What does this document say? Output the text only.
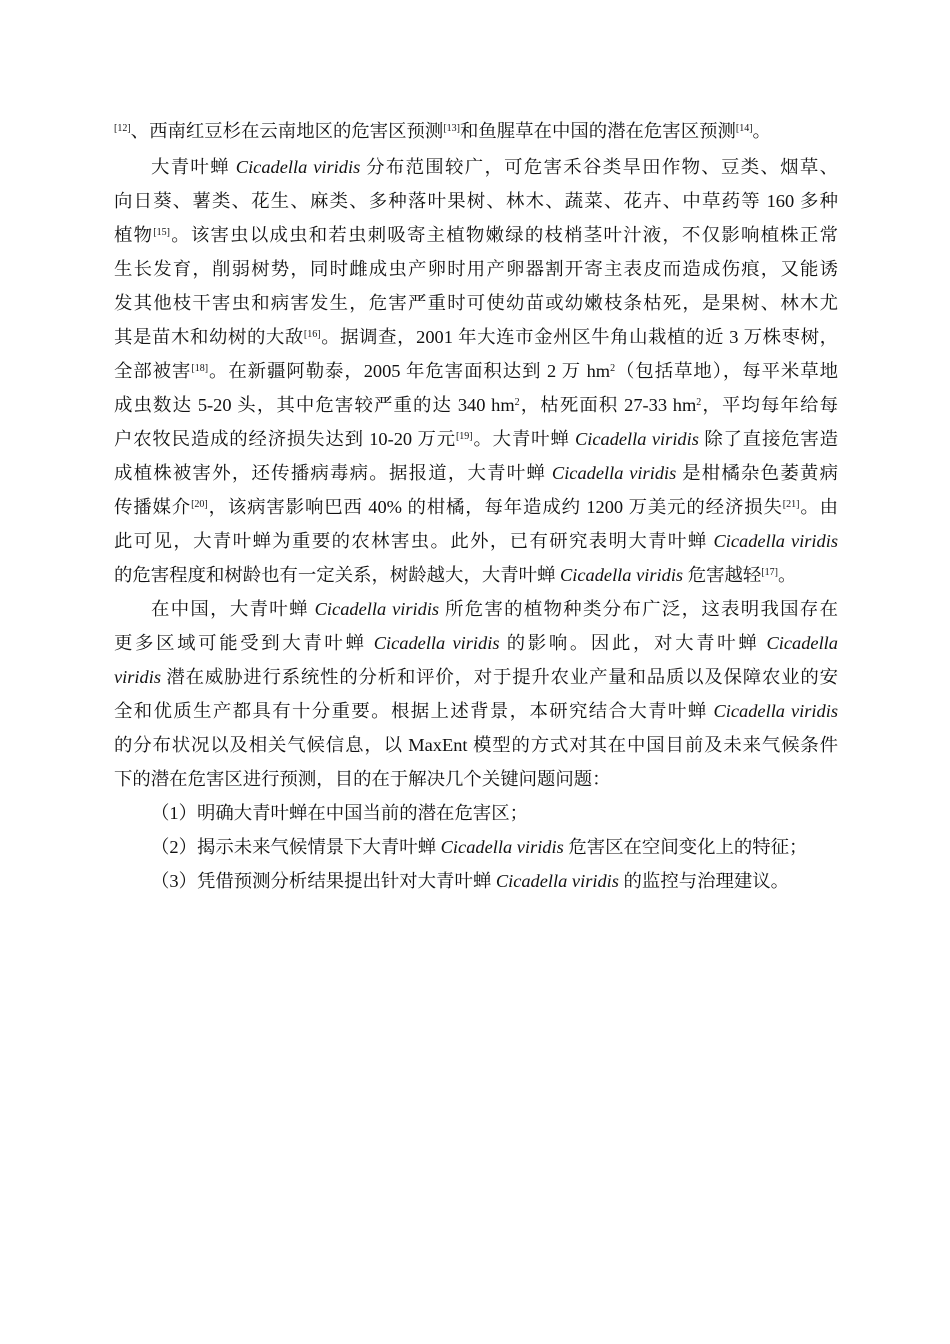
[12]、西南红豆杉在云南地区的危害区预测[13]和鱼腥草在中国的潜在危害区预测[14]。

大青叶蝉 Cicadella viridis 分布范围较广，可危害禾谷类旱田作物、豆类、烟草、

向日葵、薯类、花生、麻类、多种落叶果树、林木、蔬菜、花卉、中草药等 160 多种

植物[15]。该害虫以成虫和若虫刺吸寄主植物嫩绿的枝梢茎叶汁液，不仅影响植株正常

生长发育，削弱树势，同时雌成虫产卵时用产卵器割开寄主表皮而造成伤痕，又能诱

发其他枝干害虫和病害发生，危害严重时可使幼苗或幼嫩枝条枯死，是果树、林木尤

其是苗木和幼树的大敌[16]。据调查，2001 年大连市金州区牛角山栽植的近 3 万株枣树，

全部被害[18]。在新疆阿勒泰，2005 年危害面积达到 2 万 $hm^2$（包括草地），每平米草地

成虫数达 5-20 头，其中危害较严重的达 340 $hm^2$，枯死面积 27-33 $hm^2$，平均每年给每

户农牧民造成的经济损失达到 10-20 万元[19]。大青叶蝉 Cicadella viridis 除了直接危害造

成植株被害外，还传播病毒病。据报道，大青叶蝉 Cicadella viridis 是柑橘杂色萎黄病

传播媒介[20]，该病害影响巴西 40% 的柑橘，每年造成约 1200 万美元的经济损失[21]。由

此可见，大青叶蝉为重要的农林害虫。此外，已有研究表明大青叶蝉 Cicadella viridis

的危害程度和树龄也有一定关系，树龄越大，大青叶蝉 Cicadella viridis 危害越轻[17]。

在中国，大青叶蝉 Cicadella viridis 所危害的植物种类分布广泛，这表明我国存在

更多区域可能受到大青叶蝉 Cicadella viridis 的影响。因此，对大青叶蝉 Cicadella

viridis 潜在威胁进行系统性的分析和评价，对于提升农业产量和品质以及保障农业的安

全和优质生产都具有十分重要。根据上述背景，本研究结合大青叶蝉 Cicadella viridis

的分布状况以及相关气候信息，以 MaxEnt 模型的方式对其在中国目前及未来气候条件

下的潜在危害区进行预测，目的在于解决几个关键问题问题：

（1）明确大青叶蝉在中国当前的潜在危害区；

（2）揭示未来气候情景下大青叶蝉 Cicadella viridis 危害区在空间变化上的特征；

（3）凭借预测分析结果提出针对大青叶蝉 Cicadella viridis 的监控与治理建议。
